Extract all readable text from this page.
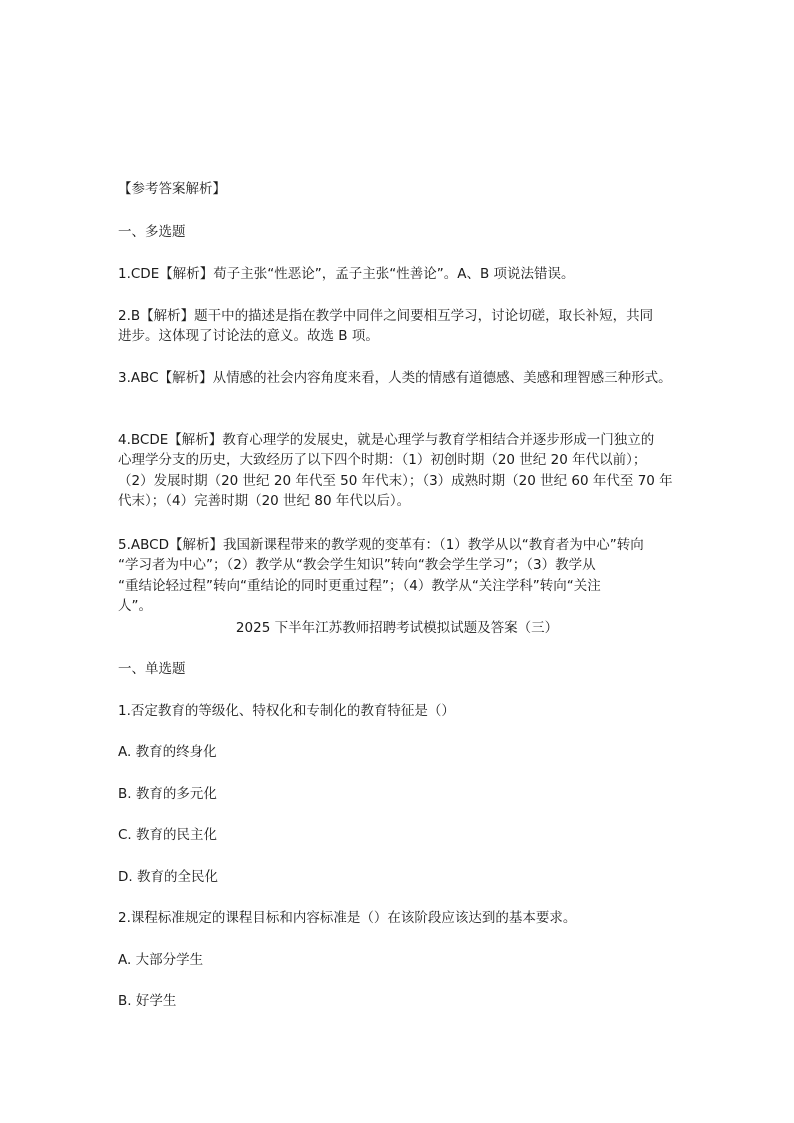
【参考答案解析】
一、多选题
1.CDE【解析】荀子主张“性恶论”，孟子主张“性善论”。A、B 项说法错误。
2.B【解析】题干中的描述是指在教学中同伴之间要相互学习，讨论切磋，取长补短，共同
进步。这体现了讨论法的意义。故选 B 项。
3.ABC【解析】从情感的社会内容角度来看，人类的情感有道德感、美感和理智感三种形式。
4.BCDE【解析】教育心理学的发展史，就是心理学与教育学相结合并逐步形成一门独立的
心理学分支的历史，大致经历了以下四个时期：（1）初创时期（20 世纪 20 年代以前）；
（2）发展时期（20 世纪 20 年代至 50 年代末）；（3）成熟时期（20 世纪 60 年代至 70 年
代末）；（4）完善时期（20 世纪 80 年代以后）。
5.ABCD【解析】我国新课程带来的教学观的变革有：（1）教学从以“教育者为中心”转向
“学习者为中心”；（2）教学从“教会学生知识”转向“教会学生学习”；（3）教学从
“重结论轻过程”转向“重结论的同时更重过程”；（4）教学从“关注学科”转向“关注
人”。
2025 下半年江苏教师招聘考试模拟试题及答案（三）
一、单选题
1.否定教育的等级化、特权化和专制化的教育特征是（）
A. 教育的终身化
B. 教育的多元化
C. 教育的民主化
D. 教育的全民化
2.课程标准规定的课程目标和内容标准是（）在该阶段应该达到的基本要求。
A. 大部分学生
B. 好学生
